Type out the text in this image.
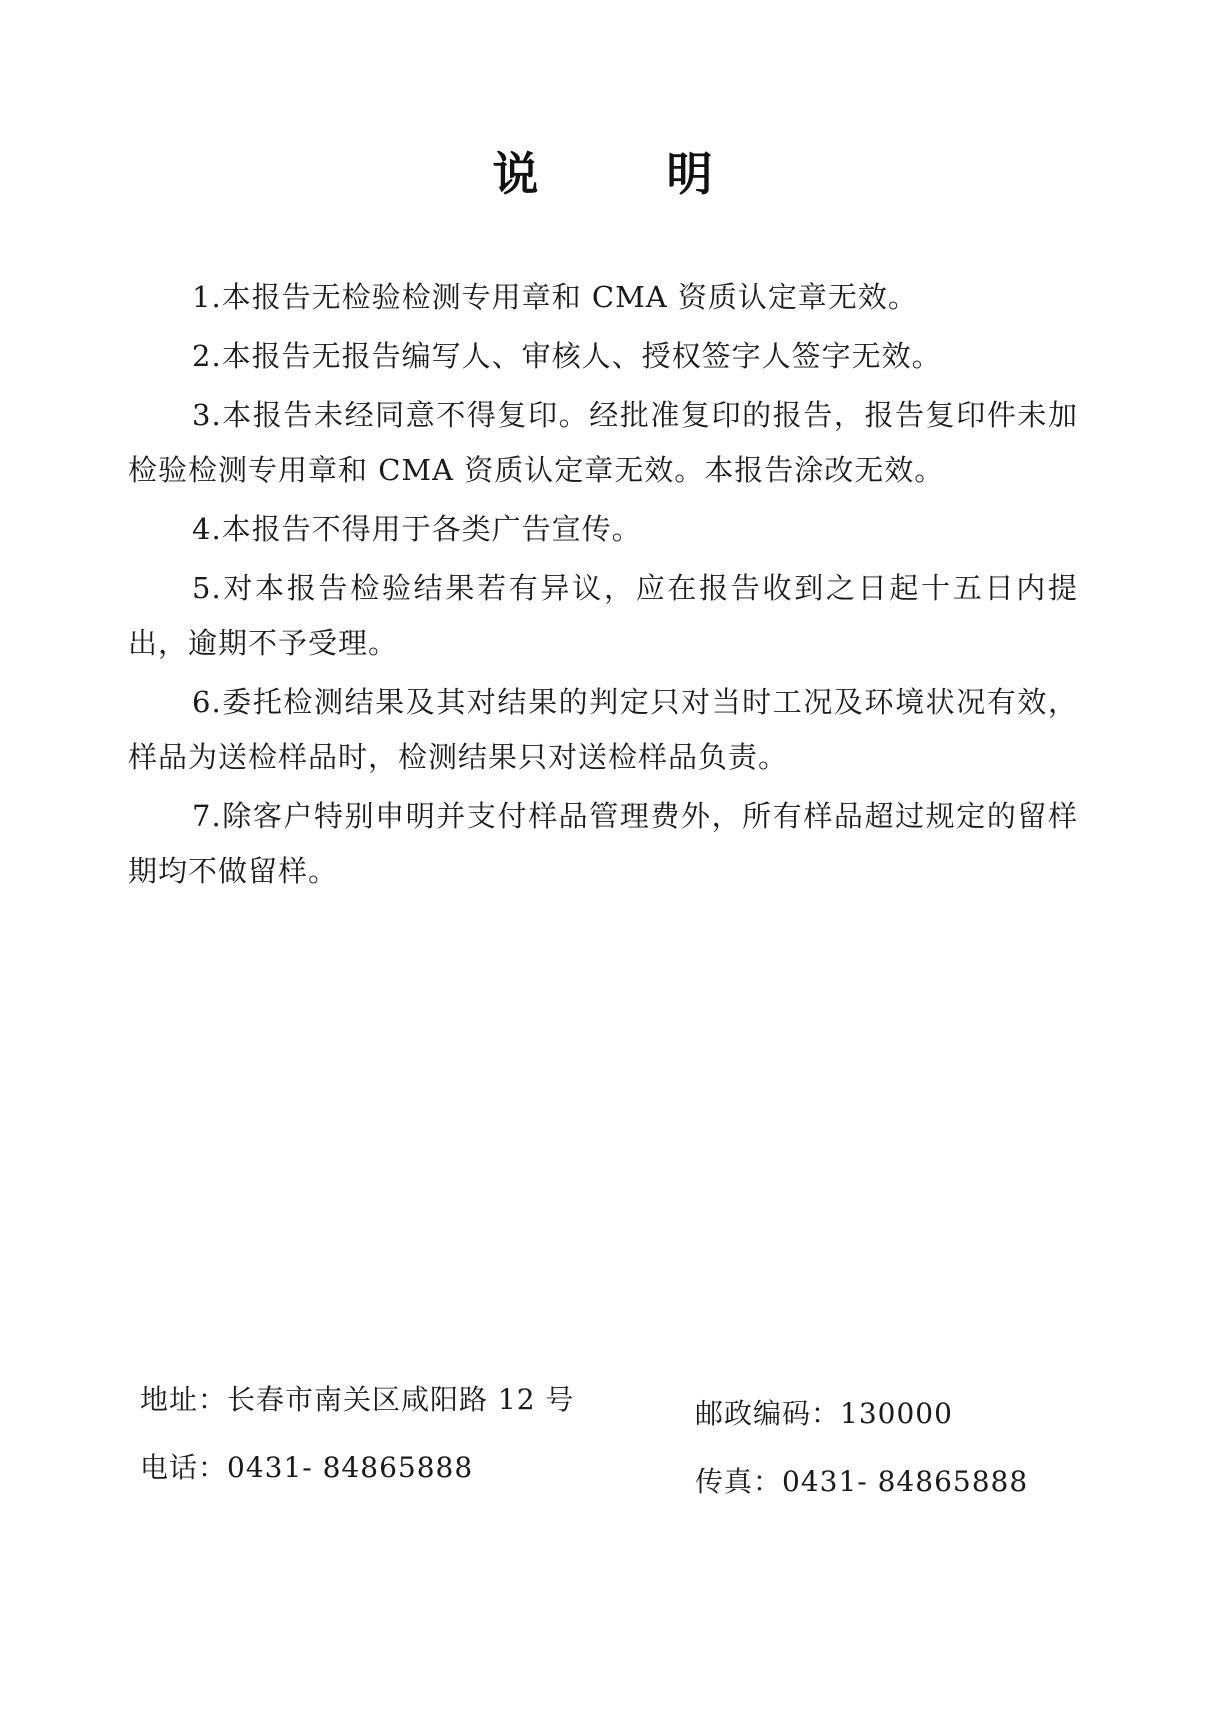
说 明
1.本报告无检验检测专用章和 CMA 资质认定章无效。
2.本报告无报告编写人、审核人、授权签字人签字无效。
3.本报告未经同意不得复印。经批准复印的报告，报告复印件未加检验检测专用章和 CMA 资质认定章无效。本报告涂改无效。
4.本报告不得用于各类广告宣传。
5.对本报告检验结果若有异议，应在报告收到之日起十五日内提出，逾期不予受理。
6.委托检测结果及其对结果的判定只对当时工况及环境状况有效，样品为送检样品时，检测结果只对送检样品负责。
7.除客户特别申明并支付样品管理费外，所有样品超过规定的留样期均不做留样。
地址：长春市南关区咸阳路 12 号	邮政编码：130000
电话：0431- 84865888	传真：0431- 84865888
